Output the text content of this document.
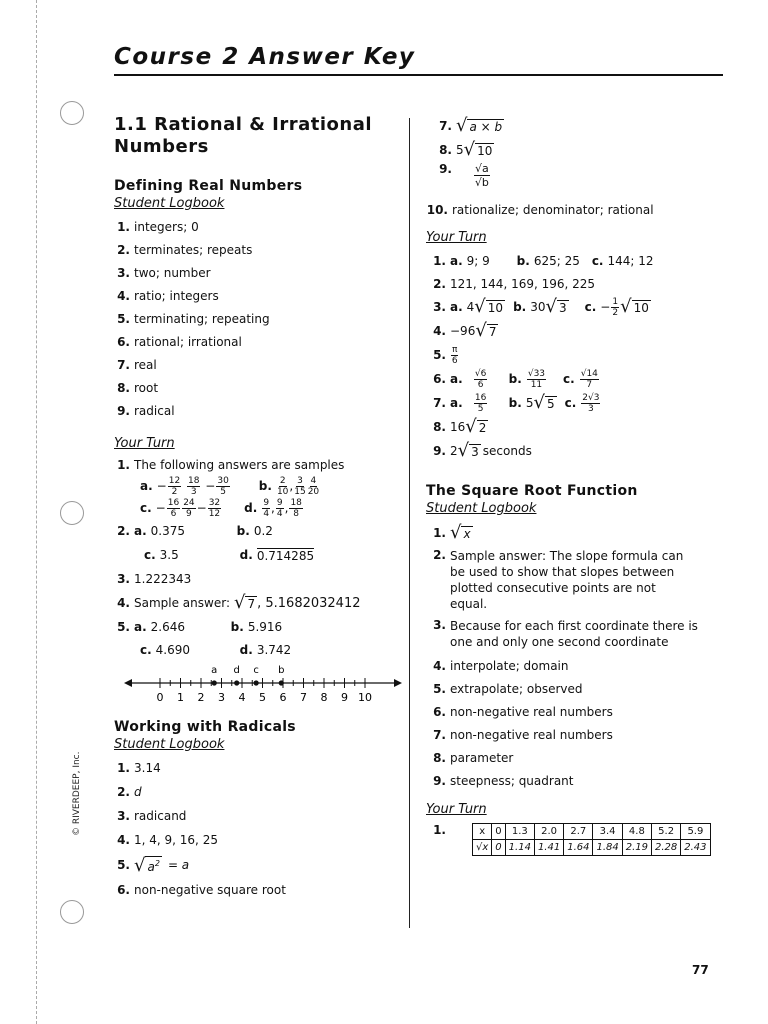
© RIVERDEEP, Inc.
Course 2 Answer Key
77
1.1 Rational & Irrational
Numbers
Defining Real Numbers
Student Logbook
1. integers; 0
2. terminates; repeats
3. two; number
4. ratio; integers
5. terminating; repeating
6. rational; irrational
7. real
8. root
9. radical
Your Turn
1. The following answers are samples
a. − $\frac{12}{2}$
$\frac{18}{3} - \frac{30}{5} b$. $\frac{2}{10}$ , $\frac{3}{15} \frac{4}{20}$
c. − $\frac{16}{6} \frac{24}{9} - \frac{32}{12} d$. $\frac{9}{4}$ , $\frac{9}{4}$ , $\frac{18}{8}$
2. a. 0.375	b. 0.2
c. 3.5	d. 0.714285
3. 1.222343
4. Sample answer: √ 7 , 5.1682032412
5. a. 2.646	b. 5.916
c. 4.690	d. 3.742
0 1 2 3 4 5 6 7 8 9 10
a d c b
Working with Radicals
Student Logbook
1. 3.14
2. d
3. radicand
4. 1, 4, 9, 16, 25
5. √ $a^2 = a$
6. non-negative square root
7. √ a × b
8. 5 √ 10
9. $\frac{√a}{√b}$
10. rationalize; denominator; rational
Your Turn
1. a. 9; 9	b. 625; 25 c. 144; 12
2. 121, 144, 169, 196, 225
3. a. 4 √ 10 b. 30 √ 3 c. − $\frac{1}{2}$ √ 10
4. −96 √ 7
5. $\frac{\pi}{6}$
6. a. $\frac{√6}{6} b$. $\frac{√33}{11} c$. $\frac{√14}{7}$
7. a. $\frac{16}{5} b$. 5 √ 5 c. $\frac{2√3}{3}$
8. 16 √ 2
9. 2 √ 3 seconds
The Square Root Function
Student Logbook
1. √ x
2. Sample answer: The slope formula can be used to show that slopes between plotted consecutive points are not equal.
3. Because for each first coordinate there is one and only one second coordinate
4. interpolate; domain
5. extrapolate; observed
6. non-negative real numbers
7. non-negative real numbers
8. parameter
9. steepness; quadrant
Your Turn
1.	x	0	1.3	2.0	2.7	3.4	4.8	5.2	5.9
√x	0	1.14	1.41	1.64	1.84	2.19	2.28	2.43
